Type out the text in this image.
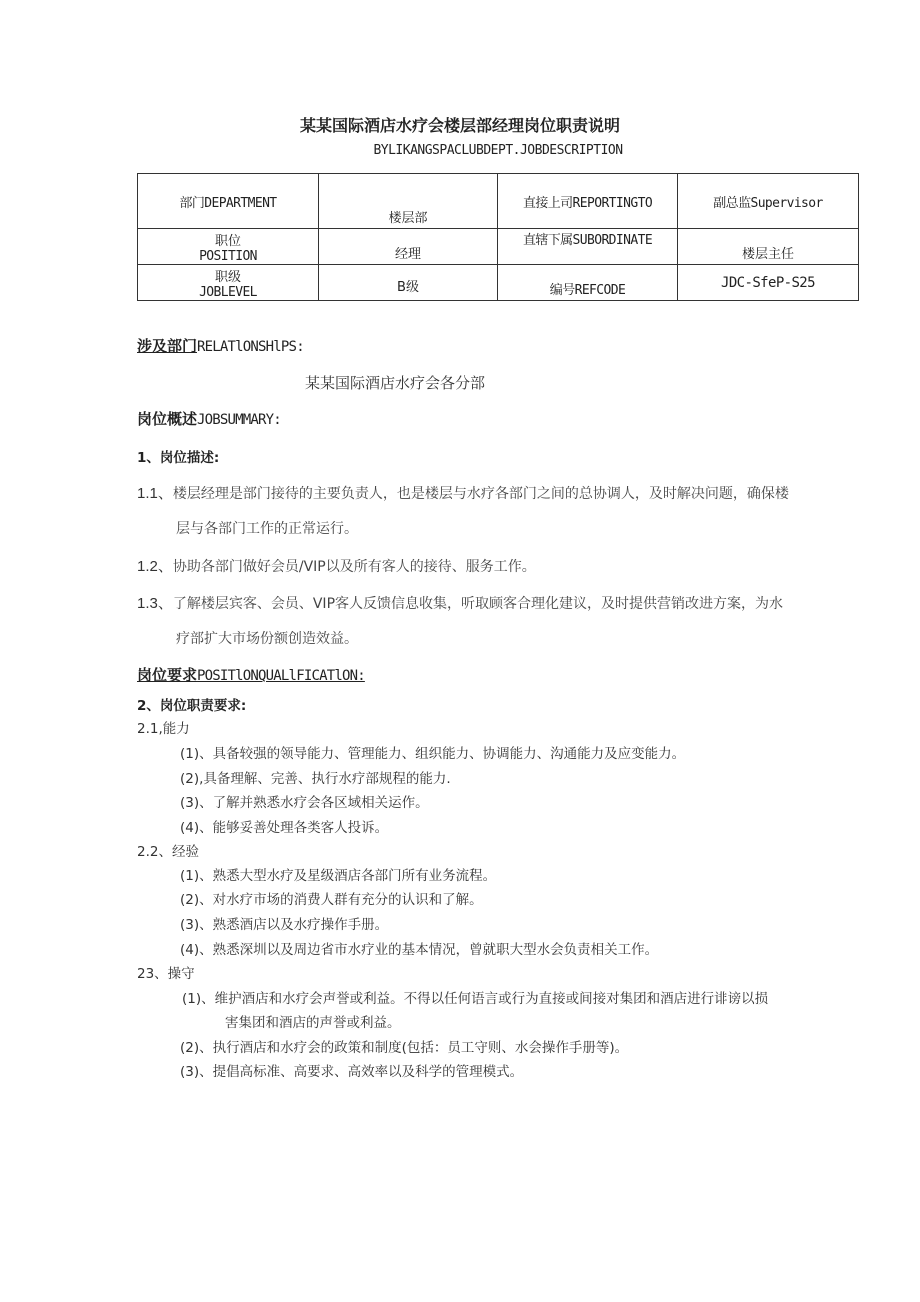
某某国际酒店水疗会楼层部经理岗位职责说明
BYLIKANGSPACLUBDEPT.JOBDESCRIPTION
部门DEPARTMENT	楼层部	直接上司REPORTINGTO	副总监Supervisor

职位
POSITION	经理	直辖下属SUBORDINATE	楼层主任

职级
JOBLEVEL	B级	编号REFCODE	JDC-SfeP-S25
涉及部门RELATlONSHlPS:
某某国际酒店水疗会各分部
岗位概述JOBSUMMARY:
1、岗位描述:
1.1、楼层经理是部门接待的主要负责人，也是楼层与水疗各部门之间的总协调人，及时解决问题，确保楼
层与各部门工作的正常运行。
1.2、协助各部门做好会员/VIP以及所有客人的接待、服务工作。
1.3、了解楼层宾客、会员、VIP客人反馈信息收集，听取顾客合理化建议，及时提供营销改进方案，为水
疗部扩大市场份额创造效益。
岗位要求POSITlONQUALlFICATlON:
2、岗位职责要求:
2.1,能力
(1)、具备较强的领导能力、管理能力、组织能力、协调能力、沟通能力及应变能力。
(2),具备理解、完善、执行水疗部规程的能力.
(3)、了解并熟悉水疗会各区域相关运作。
(4)、能够妥善处理各类客人投诉。
2.2、经验
(1)、熟悉大型水疗及星级酒店各部门所有业务流程。
(2)、对水疗市场的消费人群有充分的认识和了解。
(3)、熟悉酒店以及水疗操作手册。
(4)、熟悉深圳以及周边省市水疗业的基本情况，曾就职大型水会负责相关工作。
23、操守
(1)、维护酒店和水疗会声誉或利益。不得以任何语言或行为直接或间接对集团和酒店进行诽谤以损
害集团和酒店的声誉或利益。
(2)、执行酒店和水疗会的政策和制度(包括：员工守则、水会操作手册等)。
(3)、提倡高标准、高要求、高效率以及科学的管理模式。
